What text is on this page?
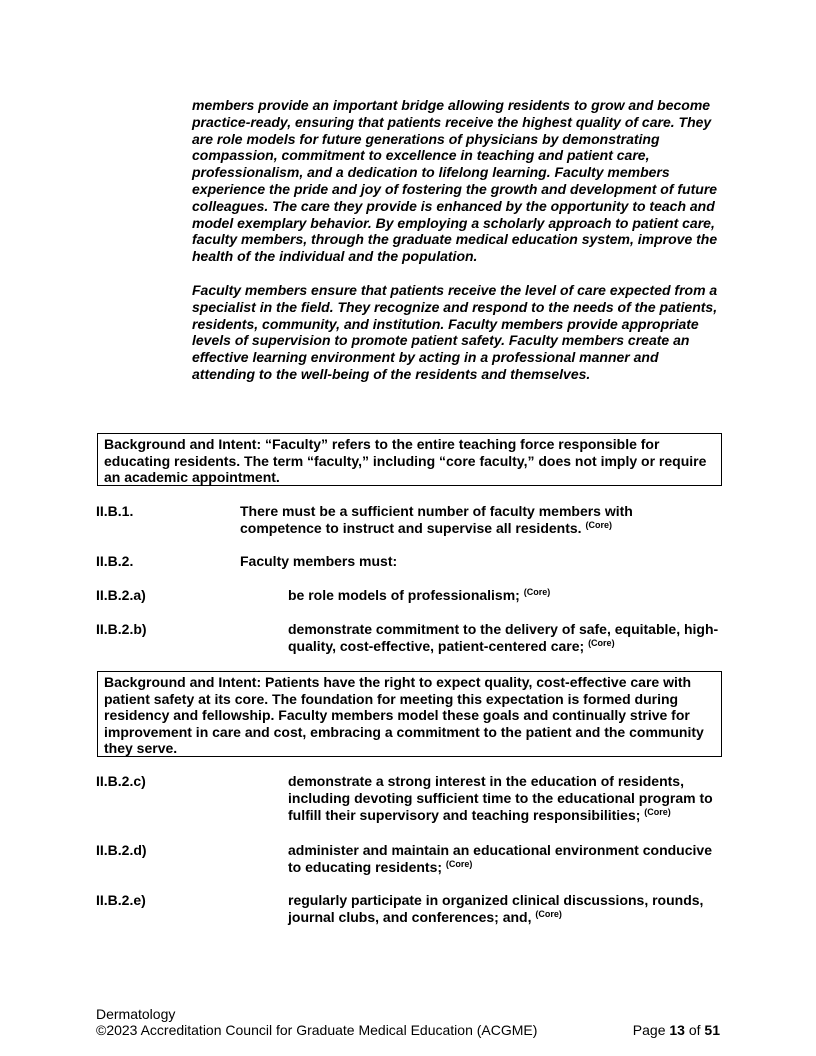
members provide an important bridge allowing residents to grow and become practice-ready, ensuring that patients receive the highest quality of care. They are role models for future generations of physicians by demonstrating compassion, commitment to excellence in teaching and patient care, professionalism, and a dedication to lifelong learning. Faculty members experience the pride and joy of fostering the growth and development of future colleagues. The care they provide is enhanced by the opportunity to teach and model exemplary behavior. By employing a scholarly approach to patient care, faculty members, through the graduate medical education system, improve the health of the individual and the population.

Faculty members ensure that patients receive the level of care expected from a specialist in the field. They recognize and respond to the needs of the patients, residents, community, and institution. Faculty members provide appropriate levels of supervision to promote patient safety. Faculty members create an effective learning environment by acting in a professional manner and attending to the well-being of the residents and themselves.

Background and Intent: “Faculty” refers to the entire teaching force responsible for educating residents. The term “faculty,” including “core faculty,” does not imply or require an academic appointment.
II.B.1.	There must be a sufficient number of faculty members with competence to instruct and supervise all residents. $^{(Core)}$
II.B.2.	Faculty members must:
II.B.2.a)	be role models of professionalism; $^{(Core)}$
II.B.2.b)	demonstrate commitment to the delivery of safe, equitable, high-quality, cost-effective, patient-centered care; $^{(Core)}$
Background and Intent: Patients have the right to expect quality, cost-effective care with patient safety at its core. The foundation for meeting this expectation is formed during residency and fellowship. Faculty members model these goals and continually strive for improvement in care and cost, embracing a commitment to the patient and the community they serve.
II.B.2.c)	demonstrate a strong interest in the education of residents, including devoting sufficient time to the educational program to fulfill their supervisory and teaching responsibilities; $^{(Core)}$
II.B.2.d)	administer and maintain an educational environment conducive to educating residents; $^{(Core)}$
II.B.2.e)	regularly participate in organized clinical discussions, rounds, journal clubs, and conferences; and, $^{(Core)}$
Dermatology
©2023 Accreditation Council for Graduate Medical Education (ACGME)	Page 13 of 51
